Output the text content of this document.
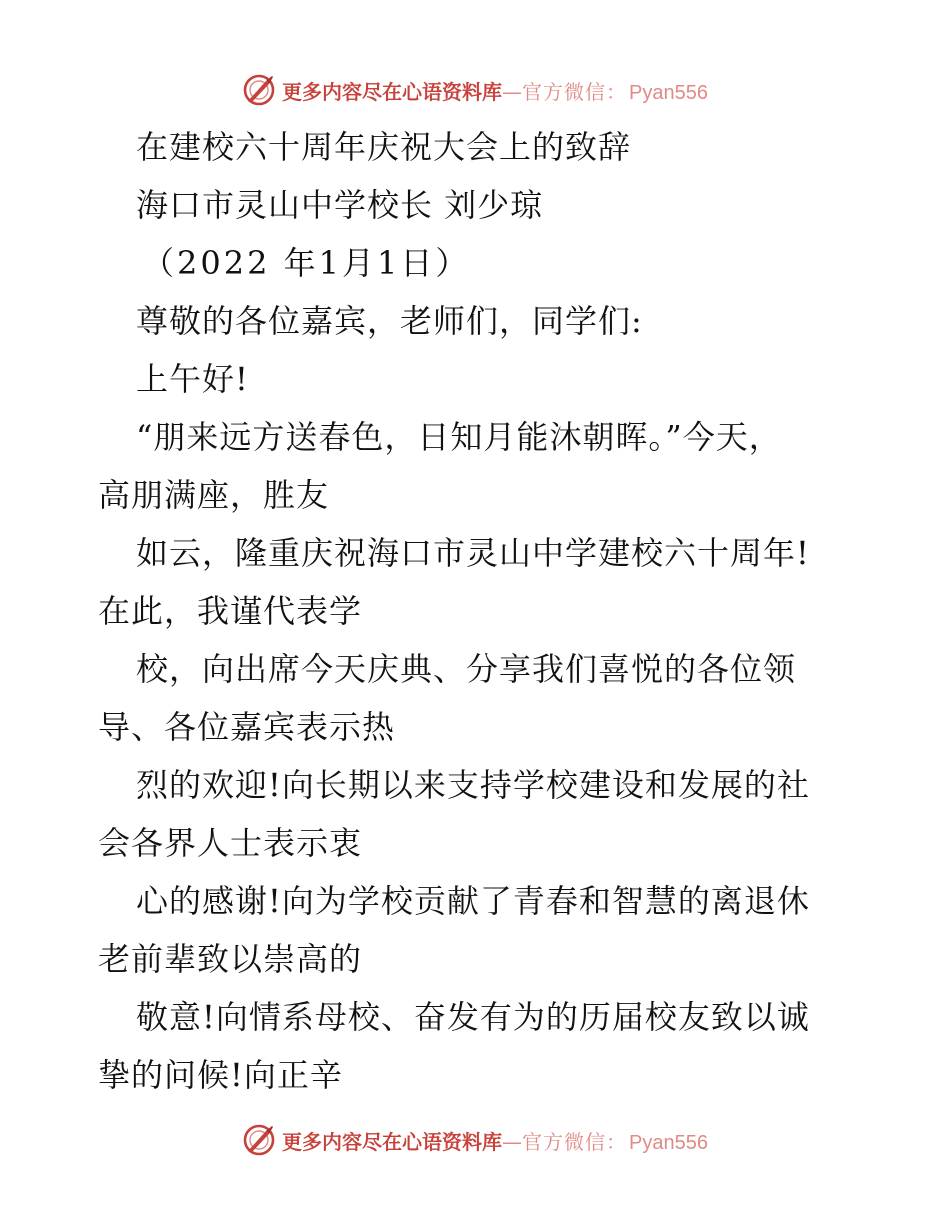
更多内容尽在心语资料库 — 官方微信： Pyan556
在建校六十周年庆祝大会上的致辞
海口市灵山中学校长 刘少琼
（2022 年1月1日）
尊敬的各位嘉宾，老师们，同学们:
上午好!
“朋来远方送春色，日知月能沐朝晖。”今天，
高朋满座，胜友
如云，隆重庆祝海口市灵山中学建校六十周年!
在此，我谨代表学
校，向出席今天庆典、分享我们喜悦的各位领
导、各位嘉宾表示热
烈的欢迎!向长期以来支持学校建设和发展的社
会各界人士表示衷
心的感谢!向为学校贡献了青春和智慧的离退休
老前辈致以崇高的
敬意!向情系母校、奋发有为的历届校友致以诚
挚的问候!向正辛
更多内容尽在心语资料库 — 官方微信： Pyan556
